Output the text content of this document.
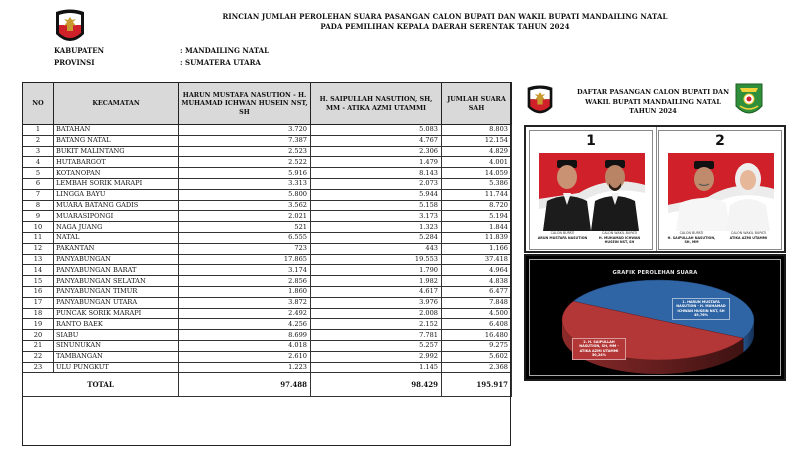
RINCIAN JUMLAH PEROLEHAN SUARA PASANGAN CALON BUPATI DAN WAKIL BUPATI MANDAILING NATAL
PADA PEMILIHAN KEPALA DAERAH SERENTAK TAHUN 2024
KABUPATEN	: MANDAILING NATAL
PROVINSI	: SUMATERA UTARA
NO	KECAMATAN	HARUN MUSTAFA NASUTION - H. MUHAMAD ICHWAN HUSEIN NST, SH	H. SAIPULLAH NASUTION, SH, MM - ATIKA AZMI UTAMMI	JUMLAH SUARA SAH
1	BATAHAN	3.720	5.083	8.803
2	BATANG NATAL	7.387	4.767	12.154
3	BUKIT MALINTANG	2.523	2.306	4.829
4	HUTABARGOT	2.522	1.479	4.001
5	KOTANOPAN	5.916	8.143	14.059
6	LEMBAH SORIK MARAPI	3.313	2.073	5.386
7	LINGGA BAYU	5.800	5.944	11.744
8	MUARA BATANG GADIS	3.562	5.158	8.720
9	MUARASIPONGI	2.021	3.173	5.194
10	NAGA JUANG	521	1.323	1.844
11	NATAL	6.555	5.284	11.839
12	PAKANTAN	723	443	1.166
13	PANYABUNGAN	17.865	19.553	37.418
14	PANYABUNGAN BARAT	3.174	1.790	4.964
15	PANYABUNGAN SELATAN	2.856	1.982	4.838
16	PANYABUNGAN TIMUR	1.860	4.617	6.477
17	PANYABUNGAN UTARA	3.872	3.976	7.848
18	PUNCAK SORIK MARAPI	2.492	2.008	4.500
19	RANTO BAEK	4.256	2.152	6.408
20	SIABU	8.699	7.781	16.480
21	SINUNUKAN	4.018	5.257	9.275
22	TAMBANGAN	2.610	2.992	5.602
23	ULU PUNGKUT	1.223	1.145	2.368
TOTAL		97.488	98.429	195.917
DAFTAR PASANGAN CALON BUPATI DAN WAKIL BUPATI MANDAILING NATAL TAHUN 2024
1
CALON BUPATI
ARUN MUSTAFA NASUTION
CALON WAKIL BUPATI
H. MUHAMAD ICHWAN HUSEIN NST, SH
2
CALON BUPATI
H. SAIPULLAH NASUTION, SH, MM
CALON WAKIL BUPATI
ATIKA AZMI UTAMMI
GRAFIK PEROLEHAN SUARA
1. HARUN MUSTAFA NASUTION - H. MUHAMAD ICHWAN HUSEIN NST, SH
49,76%
2. H. SAIPULLAH NASUTION, SH, MM - ATIKA AZMI UTAMMI
50,24%
